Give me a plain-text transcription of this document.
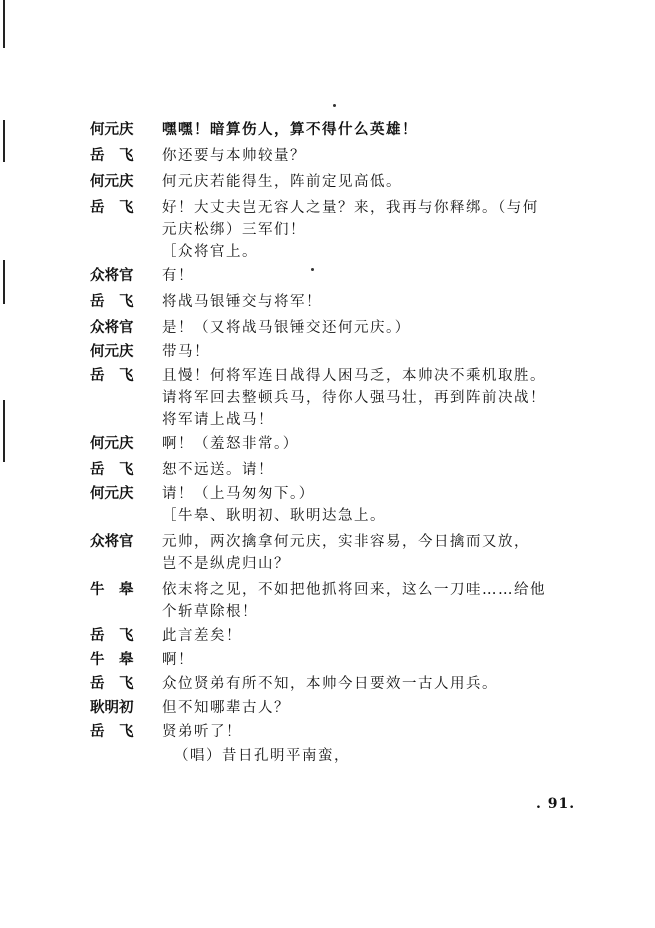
何元庆	嘿嘿！暗算伤人，算不得什么英雄！
岳　飞	你还要与本帅较量？
何元庆	何元庆若能得生，阵前定见高低。
岳　飞	好！大丈夫岂无容人之量？来，我再与你释绑。（与何
元庆松绑）三军们！
［众将官上。
众将官	有！
岳　飞	将战马银锤交与将军！
众将官	是！（又将战马银锤交还何元庆。）
何元庆	带马！
岳　飞	且慢！何将军连日战得人困马乏，本帅决不乘机取胜。
请将军回去整顿兵马，待你人强马壮，再到阵前决战！
将军请上战马！
何元庆	啊！（羞怒非常。）
岳　飞	恕不远送。请！
何元庆	请！（上马匆匆下。）
［牛皋、耿明初、耿明达急上。
众将官	元帅，两次擒拿何元庆，实非容易，今日擒而又放，
岂不是纵虎归山？
牛　皋	依末将之见，不如把他抓将回来，这么一刀哇……给他
个斩草除根！
岳　飞	此言差矣！
牛　皋	啊！
岳　飞	众位贤弟有所不知，本帅今日要效一古人用兵。
耿明初	但不知哪辈古人？
岳　飞	贤弟听了！
（唱）昔日孔明平南蛮，
. 91.
